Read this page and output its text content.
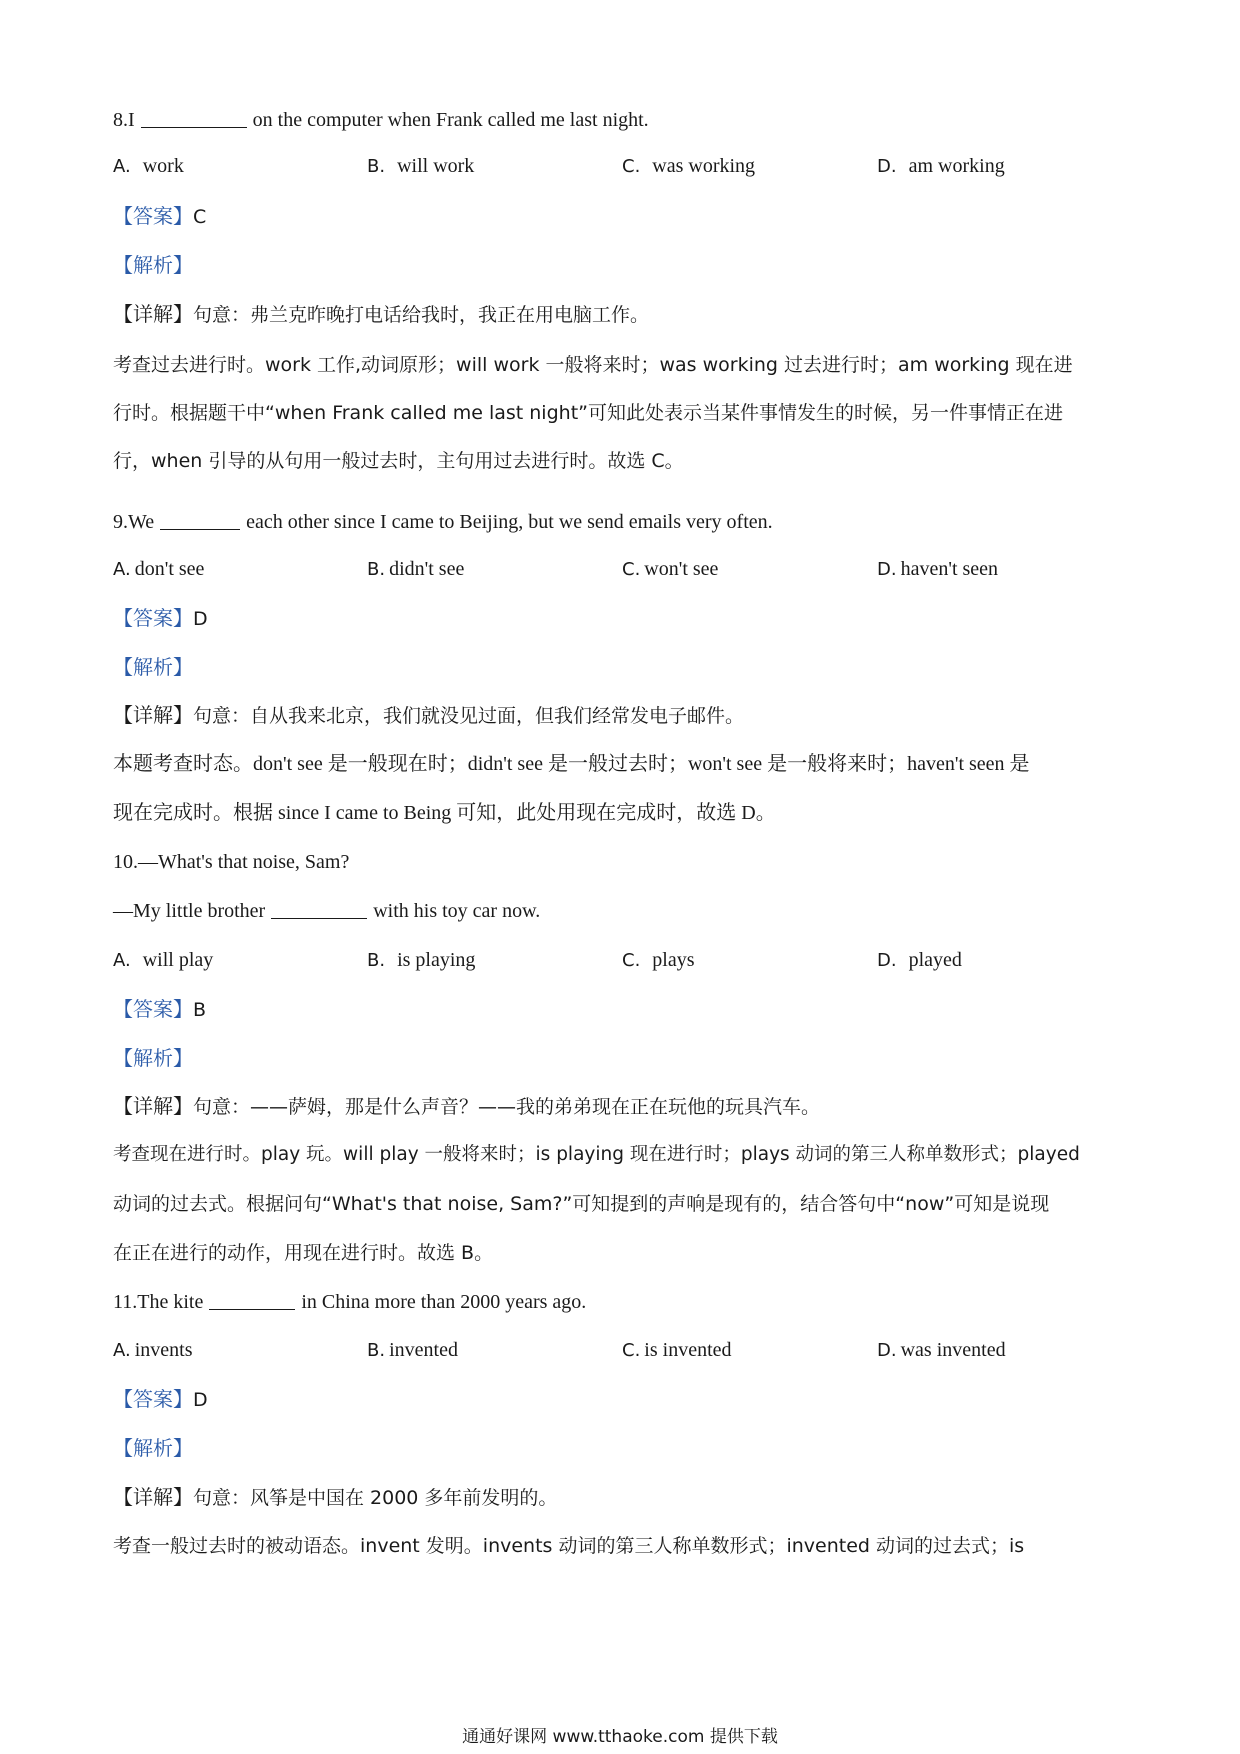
8.I	on the computer when Frank called me last night.
A. work	B. will work	C. was working	D. am working
【答案】C
【解析】
【详解】句意：弗兰克昨晚打电话给我时，我正在用电脑工作。
考查过去进行时。work 工作,动词原形；will work 一般将来时；was working 过去进行时；am working 现在进
行时。根据题干中“when Frank called me last night”可知此处表示当某件事情发生的时候，另一件事情正在进
行，when 引导的从句用一般过去时，主句用过去进行时。故选 C。
9.We	each other since I came to Beijing, but we send emails very often.
A. don't see	B. didn't see	C. won't see	D. haven't seen
【答案】D
【解析】
【详解】句意：自从我来北京，我们就没见过面，但我们经常发电子邮件。
本题考查时态。don't see 是一般现在时；didn't see 是一般过去时；won't see 是一般将来时；haven't seen 是
现在完成时。根据 since I came to Being 可知，此处用现在完成时，故选 D。
10.—What's that noise, Sam?
—My little brother	with his toy car now.
A. will play	B. is playing	C. plays	D. played
【答案】B
【解析】
【详解】句意：——萨姆，那是什么声音？——我的弟弟现在正在玩他的玩具汽车。
考查现在进行时。play 玩。will play 一般将来时；is playing 现在进行时；plays 动词的第三人称单数形式；played
动词的过去式。根据问句“What's that noise, Sam?”可知提到的声响是现有的，结合答句中“now”可知是说现
在正在进行的动作，用现在进行时。故选 B。
11.The kite	in China more than 2000 years ago.
A. invents	B. invented	C. is invented	D. was invented
【答案】D
【解析】
【详解】句意：风筝是中国在 2000 多年前发明的。
考查一般过去时的被动语态。invent 发明。invents 动词的第三人称单数形式；invented 动词的过去式；is
通通好课网 www.tthaoke.com 提供下载
